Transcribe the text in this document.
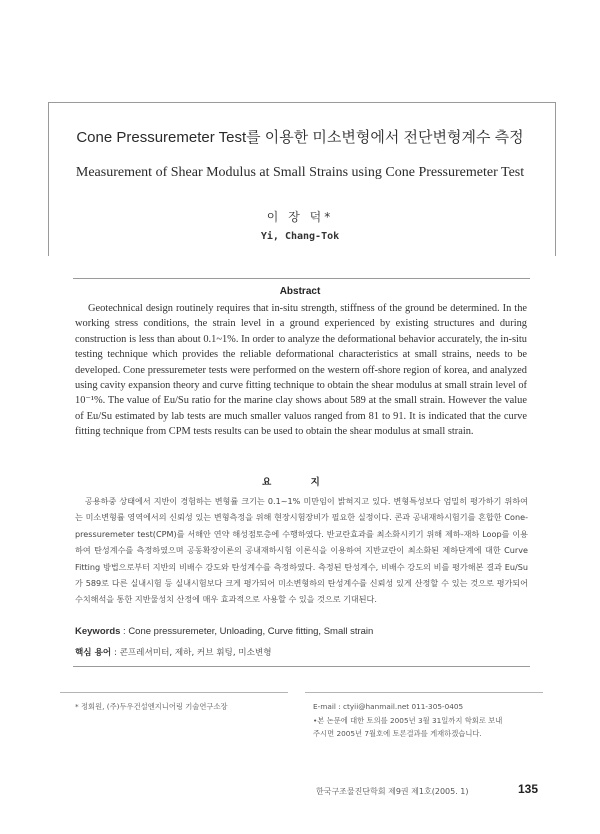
Cone Pressuremeter Test를 이용한 미소변형에서 전단변형계수 측정
Measurement of Shear Modulus at Small Strains using Cone Pressuremeter Test
이 장 덕*
Yi, Chang-Tok
Abstract

Geotechnical design routinely requires that in-situ strength, stiffness of the ground be determined. In the working stress conditions, the strain level in a ground experienced by existing structures and during construction is less than about 0.1~1%. In order to analyze the deformational behavior accurately, the in-situ testing technique which provides the reliable deformational characteristics at small strains, needs to be developed. Cone pressuremeter tests were performed on the western off-shore region of korea, and analyzed using cavity expansion theory and curve fitting technique to obtain the shear modulus at small strain level of 10⁻¹%. The value of Eu/Su ratio for the marine clay shows about 589 at the small strain. However the value of Eu/Su estimated by lab tests are much smaller valuos ranged from 81 to 91. It is indicated that the curve fitting technique from CPM tests results can be used to obtain the shear modulus at small strain.

요 지

공용하중 상태에서 지반이 경험하는 변형률 크기는 0.1~1% 미만임이 밝혀지고 있다. 변형특성보다 엄밀히 평가하기 위하여는 미소변형률 영역에서의 신뢰성 있는 변형측정을 위해 현장시험장비가 필요한 실정이다. 콘과 공내재하시험기를 혼합한 Cone-pressuremeter test(CPM)를 서해안 연약 해성점토층에 수행하였다. 반교란효과를 최소화시키기 위해 제하-재하 Loop를 이용하여 탄성계수를 측정하였으며 공동확장이론의 공내재하시험 이론식을 이용하여 지반교란이 최소화된 제하단계에 대한 Curve Fitting 방법으로부터 지반의 비배수 강도와 탄성계수를 측정하였다. 측정된 탄성계수, 비배수 강도의 비를 평가해본 결과 Eu/Su가 589로 다른 실내시험 등 실내시험보다 크게 평가되어 미소변형하의 탄성계수를 신뢰성 있게 산정할 수 있는 것으로 평가되어 수치해석을 통한 지반물성치 산정에 매우 효과적으로 사용할 수 있을 것으로 기대된다.

Keywords : Cone pressuremeter, Unloading, Curve fitting, Small strain
핵심 용어 : 콘프레셔미터, 제하, 커브 휘팅, 미소변형
* 정회원, (주)두우건설엔지니어링 기술연구소장	E-mail : ctyii@hanmail.net 011-305-0405
•본 논문에 대한 토의를 2005년 3월 31일까지 학회로 보내
주시면 2005년 7월호에 토론결과를 게재하겠습니다.
한국구조물진단학회 제9권 제1호(2005. 1)	135
